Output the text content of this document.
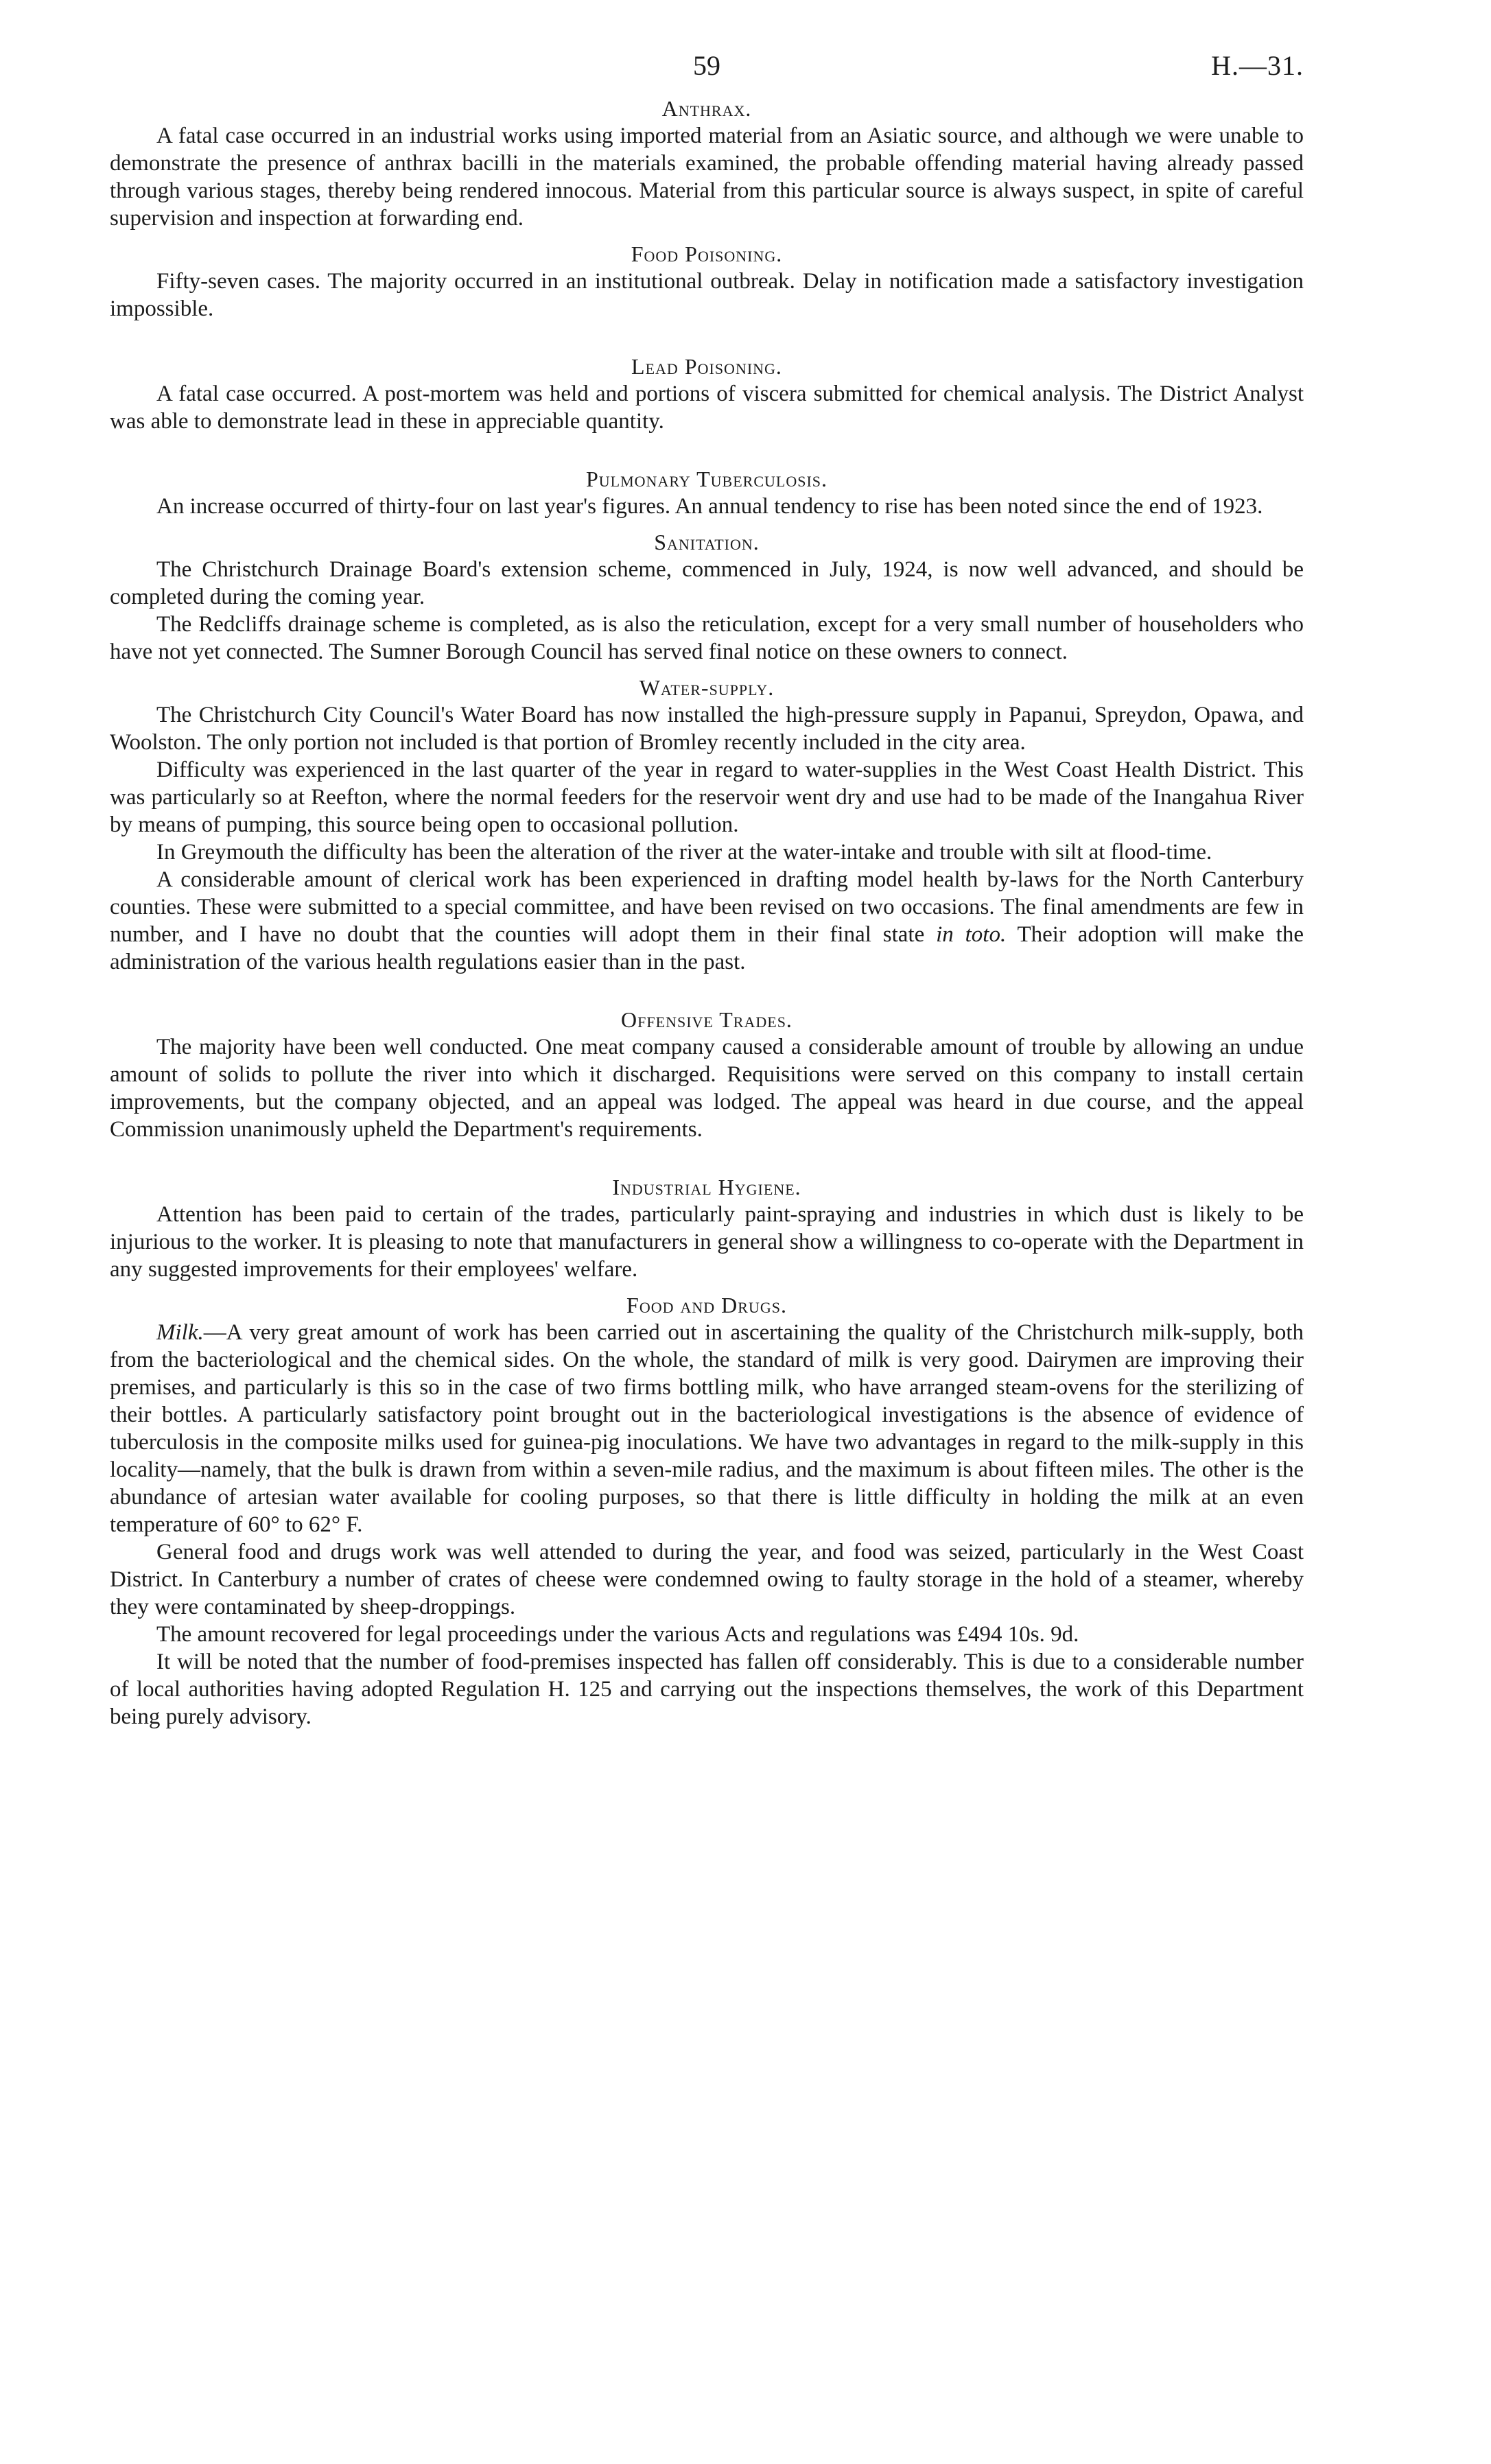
59	H.—31.
Anthrax.

A fatal case occurred in an industrial works using imported material from an Asiatic source, and although we were unable to demonstrate the presence of anthrax bacilli in the materials examined, the probable offending material having already passed through various stages, thereby being rendered innocous. Material from this particular source is always suspect, in spite of careful supervision and inspection at forwarding end.

Food Poisoning.

Fifty-seven cases. The majority occurred in an institutional outbreak. Delay in notification made a satisfactory investigation impossible.

Lead Poisoning.

A fatal case occurred. A post-mortem was held and portions of viscera submitted for chemical analysis. The District Analyst was able to demonstrate lead in these in appreciable quantity.

Pulmonary Tuberculosis.

An increase occurred of thirty-four on last year's figures. An annual tendency to rise has been noted since the end of 1923.

Sanitation.

The Christchurch Drainage Board's extension scheme, commenced in July, 1924, is now well advanced, and should be completed during the coming year.

The Redcliffs drainage scheme is completed, as is also the reticulation, except for a very small number of householders who have not yet connected. The Sumner Borough Council has served final notice on these owners to connect.

Water-supply.

The Christchurch City Council's Water Board has now installed the high-pressure supply in Papanui, Spreydon, Opawa, and Woolston. The only portion not included is that portion of Bromley recently included in the city area.

Difficulty was experienced in the last quarter of the year in regard to water-supplies in the West Coast Health District. This was particularly so at Reefton, where the normal feeders for the reservoir went dry and use had to be made of the Inangahua River by means of pumping, this source being open to occasional pollution.

In Greymouth the difficulty has been the alteration of the river at the water-intake and trouble with silt at flood-time.

A considerable amount of clerical work has been experienced in drafting model health by-laws for the North Canterbury counties. These were submitted to a special committee, and have been revised on two occasions. The final amendments are few in number, and I have no doubt that the counties will adopt them in their final state in toto. Their adoption will make the administration of the various health regulations easier than in the past.

Offensive Trades.

The majority have been well conducted. One meat company caused a considerable amount of trouble by allowing an undue amount of solids to pollute the river into which it discharged. Requisitions were served on this company to install certain improvements, but the company objected, and an appeal was lodged. The appeal was heard in due course, and the appeal Commission unanimously upheld the Department's requirements.

Industrial Hygiene.

Attention has been paid to certain of the trades, particularly paint-spraying and industries in which dust is likely to be injurious to the worker. It is pleasing to note that manufacturers in general show a willingness to co-operate with the Department in any suggested improvements for their employees' welfare.

Food and Drugs.

Milk.—A very great amount of work has been carried out in ascertaining the quality of the Christchurch milk-supply, both from the bacteriological and the chemical sides. On the whole, the standard of milk is very good. Dairymen are improving their premises, and particularly is this so in the case of two firms bottling milk, who have arranged steam-ovens for the sterilizing of their bottles. A particularly satisfactory point brought out in the bacteriological investigations is the absence of evidence of tuberculosis in the composite milks used for guinea-pig inoculations. We have two advantages in regard to the milk-supply in this locality—namely, that the bulk is drawn from within a seven-mile radius, and the maximum is about fifteen miles. The other is the abundance of artesian water available for cooling purposes, so that there is little difficulty in holding the milk at an even temperature of 60° to 62° F.

General food and drugs work was well attended to during the year, and food was seized, particularly in the West Coast District. In Canterbury a number of crates of cheese were condemned owing to faulty storage in the hold of a steamer, whereby they were contaminated by sheep-droppings.

The amount recovered for legal proceedings under the various Acts and regulations was £494 10s. 9d.

It will be noted that the number of food-premises inspected has fallen off considerably. This is due to a considerable number of local authorities having adopted Regulation H. 125 and carrying out the inspections themselves, the work of this Department being purely advisory.
